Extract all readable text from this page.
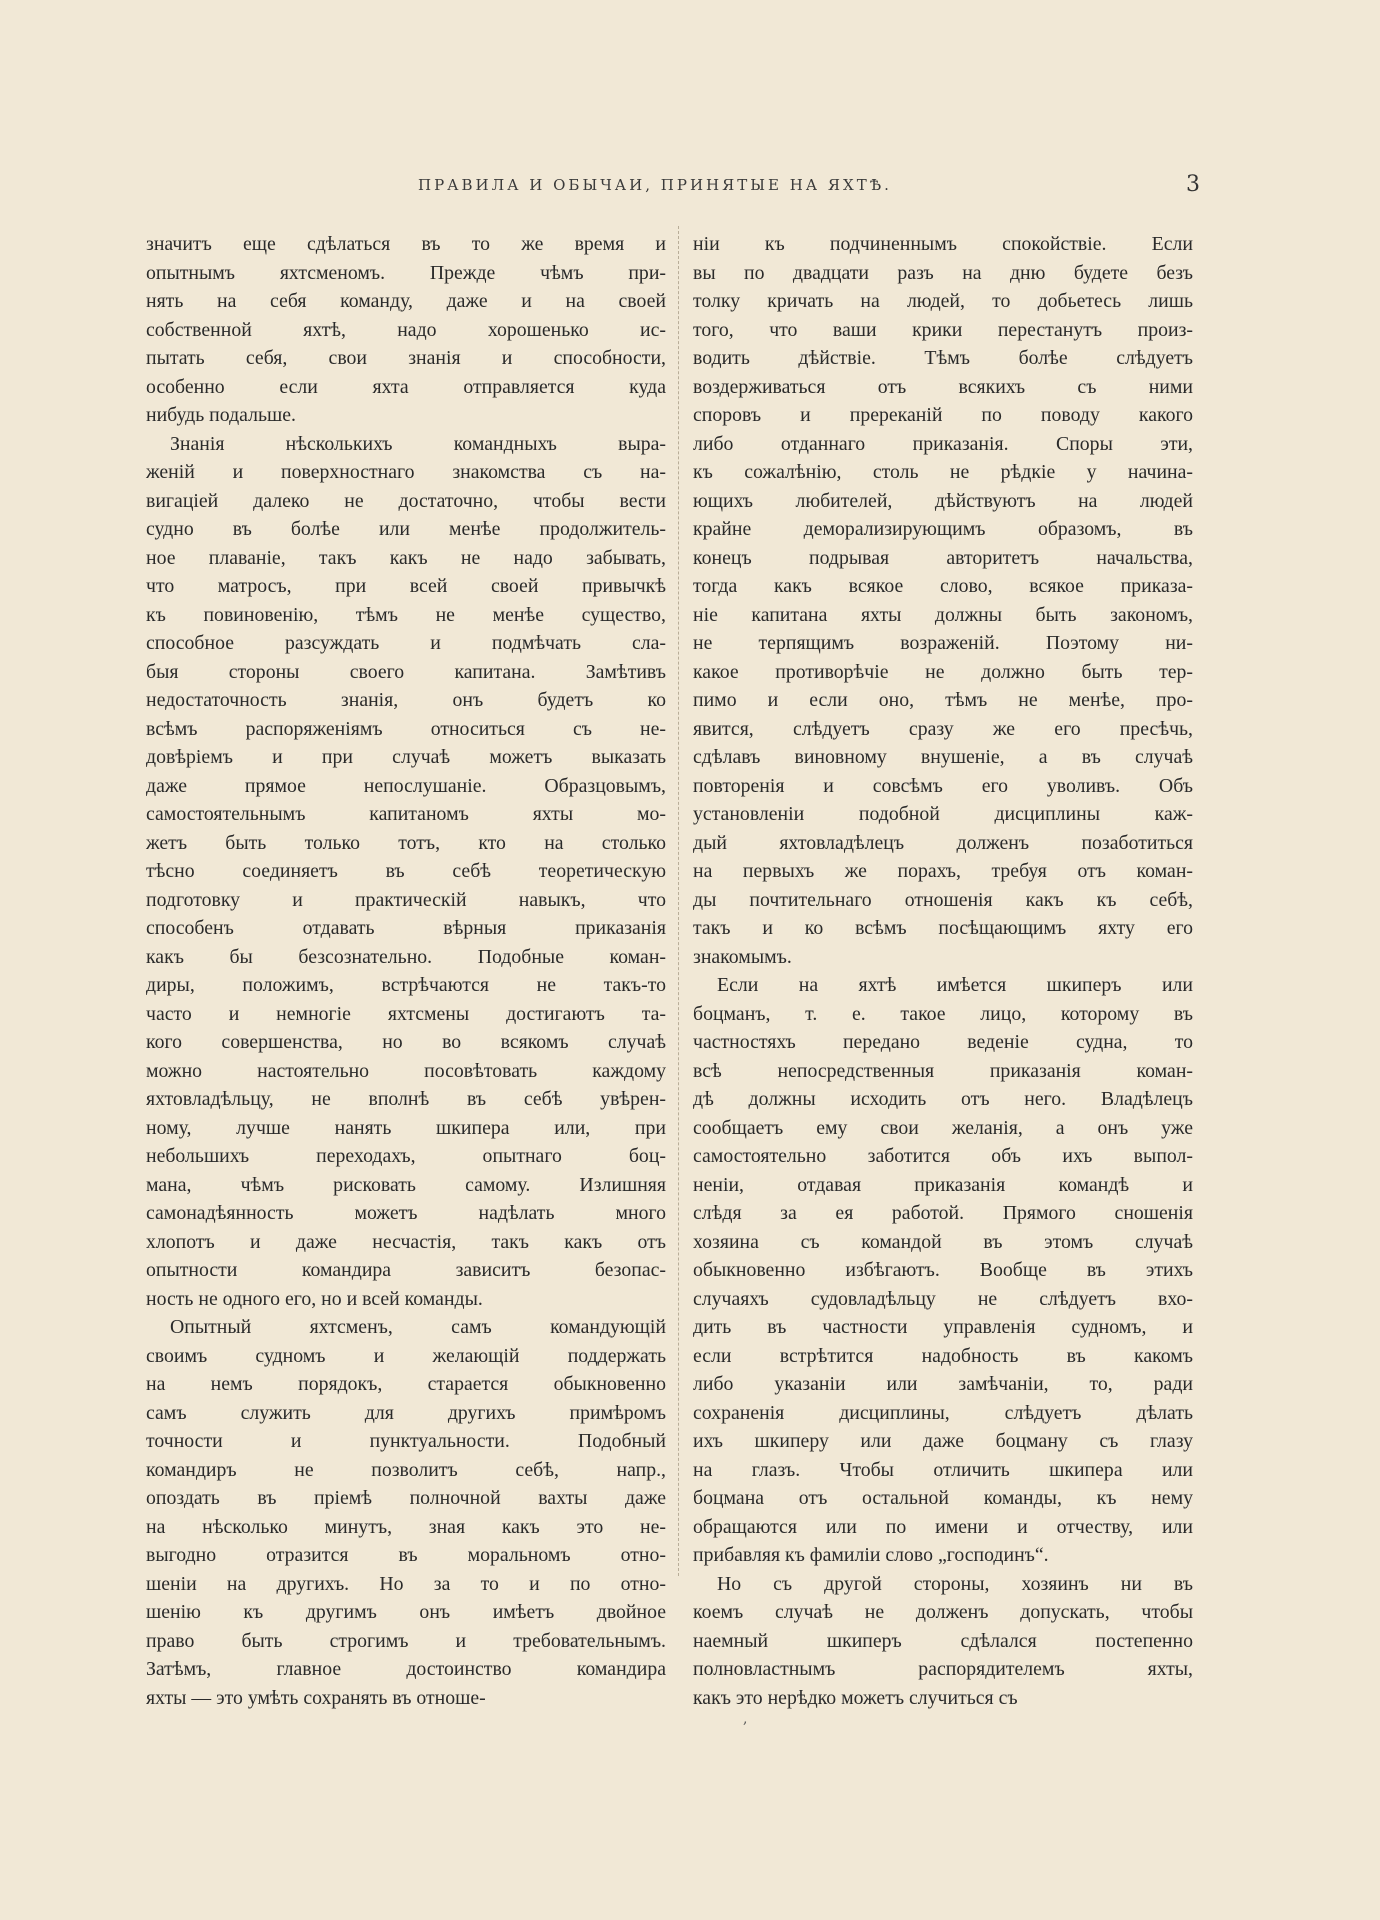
ПРАВИЛА И ОБЫЧАИ, ПРИНЯТЫЕ НА ЯХТѢ.	3
значитъ еще сдѣлаться въ то же время и
опытнымъ яхтсменомъ. Прежде чѣмъ при-
нять на себя команду, даже и на своей
собственной яхтѣ, надо хорошенько ис-
пытать себя, свои знанія и способности,
особенно если яхта отправляется куда
нибудь подальше.
Знанія нѣсколькихъ командныхъ выра-
женій и поверхностнаго знакомства съ на-
вигаціей далеко не достаточно, чтобы вести
судно въ болѣе или менѣе продолжитель-
ное плаваніе, такъ какъ не надо забывать,
что матросъ, при всей своей привычкѣ
къ повиновенію, тѣмъ не менѣе существо,
способное разсуждать и подмѣчать сла-
быя стороны своего капитана. Замѣтивъ
недостаточность знанія, онъ будетъ ко
всѣмъ распоряженіямъ относиться съ не-
довѣріемъ и при случаѣ можетъ выказать
даже прямое непослушаніе. Образцовымъ,
самостоятельнымъ капитаномъ яхты мо-
жетъ быть только тотъ, кто на столько
тѣсно соединяетъ въ себѣ теоретическую
подготовку и практическій навыкъ, что
способенъ отдавать вѣрныя приказанія
какъ бы безсознательно. Подобные коман-
диры, положимъ, встрѣчаются не такъ-то
часто и немногіе яхтсмены достигаютъ та-
кого совершенства, но во всякомъ случаѣ
можно настоятельно посовѣтовать каждому
яхтовладѣльцу, не вполнѣ въ себѣ увѣрен-
ному, лучше нанять шкипера или, при
небольшихъ переходахъ, опытнаго боц-
мана, чѣмъ рисковать самому. Излишняя
самонадѣянность можетъ надѣлать много
хлопотъ и даже несчастія, такъ какъ отъ
опытности командира зависитъ безопас-
ность не одного его, но и всей команды.
Опытный яхтсменъ, самъ командующій
своимъ судномъ и желающій поддержать
на немъ порядокъ, старается обыкновенно
самъ служить для другихъ примѣромъ
точности и пунктуальности. Подобный
командиръ не позволитъ себѣ, напр.,
опоздать въ пріемѣ полночной вахты даже
на нѣсколько минутъ, зная какъ это не-
выгодно отразится въ моральномъ отно-
шеніи на другихъ. Но за то и по отно-
шенію къ другимъ онъ имѣетъ двойное
право быть строгимъ и требовательнымъ.
Затѣмъ, главное достоинство командира
яхты — это умѣть сохранять въ отноше-
ніи къ подчиненнымъ спокойствіе. Если
вы по двадцати разъ на дню будете безъ
толку кричать на людей, то добьетесь лишь
того, что ваши крики перестанутъ произ-
водить дѣйствіе. Тѣмъ болѣе слѣдуетъ
воздерживаться отъ всякихъ съ ними
споровъ и пререканій по поводу какого
либо отданнаго приказанія. Споры эти,
къ сожалѣнію, столь не рѣдкіе у начина-
ющихъ любителей, дѣйствуютъ на людей
крайне деморализирующимъ образомъ, въ
конецъ подрывая авторитетъ начальства,
тогда какъ всякое слово, всякое приказа-
ніе капитана яхты должны быть закономъ,
не терпящимъ возраженій. Поэтому ни-
какое противорѣчіе не должно быть тер-
пимо и если оно, тѣмъ не менѣе, про-
явится, слѣдуетъ сразу же его пресѣчь,
сдѣлавъ виновному внушеніе, а въ случаѣ
повторенія и совсѣмъ его уволивъ. Объ
установленіи подобной дисциплины каж-
дый яхтовладѣлецъ долженъ позаботиться
на первыхъ же порахъ, требуя отъ коман-
ды почтительнаго отношенія какъ къ себѣ,
такъ и ко всѣмъ посѣщающимъ яхту его
знакомымъ.
Если на яхтѣ имѣется шкиперъ или
боцманъ, т. е. такое лицо, которому въ
частностяхъ передано веденіе судна, то
всѣ непосредственныя приказанія коман-
дѣ должны исходить отъ него. Владѣлецъ
сообщаетъ ему свои желанія, а онъ уже
самостоятельно заботится объ ихъ выпол-
неніи, отдавая приказанія командѣ и
слѣдя за ея работой. Прямого сношенія
хозяина съ командой въ этомъ случаѣ
обыкновенно избѣгаютъ. Вообще въ этихъ
случаяхъ судовладѣльцу не слѣдуетъ вхо-
дить въ частности управленія судномъ, и
если встрѣтится надобность въ какомъ
либо указаніи или замѣчаніи, то, ради
сохраненія дисциплины, слѣдуетъ дѣлать
ихъ шкиперу или даже боцману съ глазу
на глазъ. Чтобы отличить шкипера или
боцмана отъ остальной команды, къ нему
обращаются или по имени и отчеству, или
прибавляя къ фамиліи слово „господинъ“.
Но съ другой стороны, хозяинъ ни въ
коемъ случаѣ не долженъ допускать, чтобы
наемный шкиперъ сдѣлался постепенно
полновластнымъ распорядителемъ яхты,
какъ это нерѣдко можетъ случиться съ
,
